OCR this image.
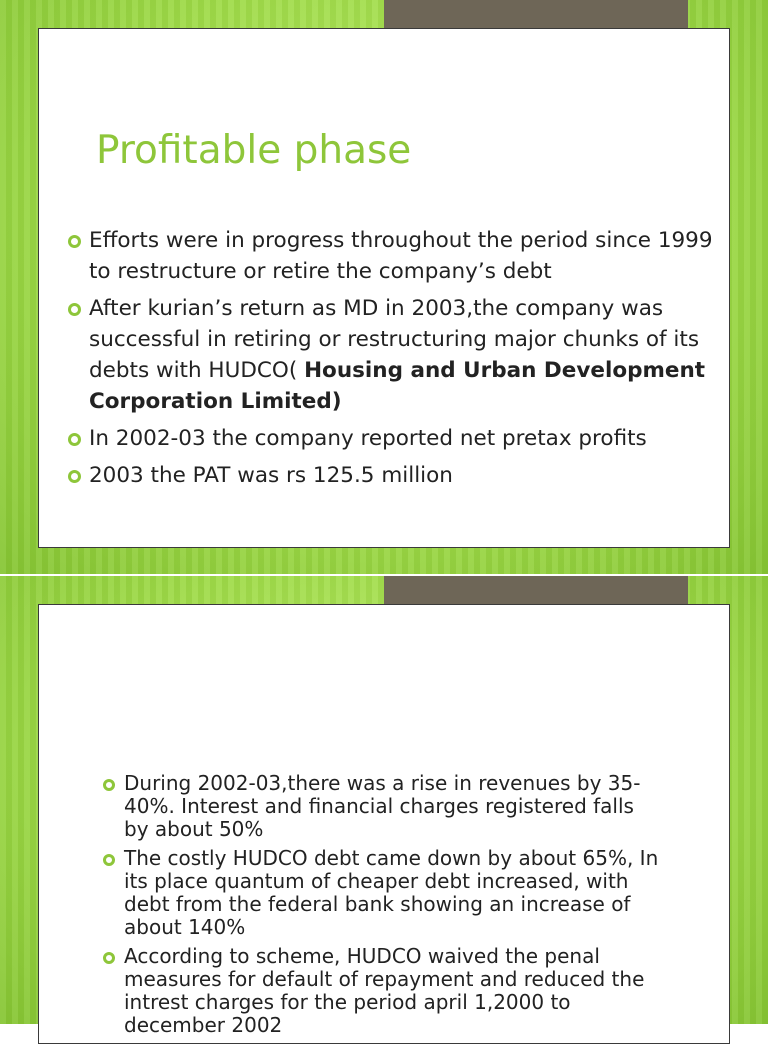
Profitable phase
Efforts were in progress throughout the period since 1999 to restructure or retire the company’s debt
After kurian’s return as MD in 2003,the company was successful in retiring or restructuring major chunks of its debts with HUDCO( Housing and Urban Development Corporation Limited)
In 2002-03 the company reported net pretax profits
2003 the PAT was rs 125.5 million
During 2002-03,there was a rise in revenues by 35-40%. Interest and financial charges registered falls by about 50%
The costly HUDCO debt came down by about 65%, In its place quantum of cheaper debt increased, with debt from the federal bank showing an increase of about 140%
According to scheme, HUDCO waived the penal measures for default of repayment and reduced the intrest charges for the period april 1,2000 to december 2002
